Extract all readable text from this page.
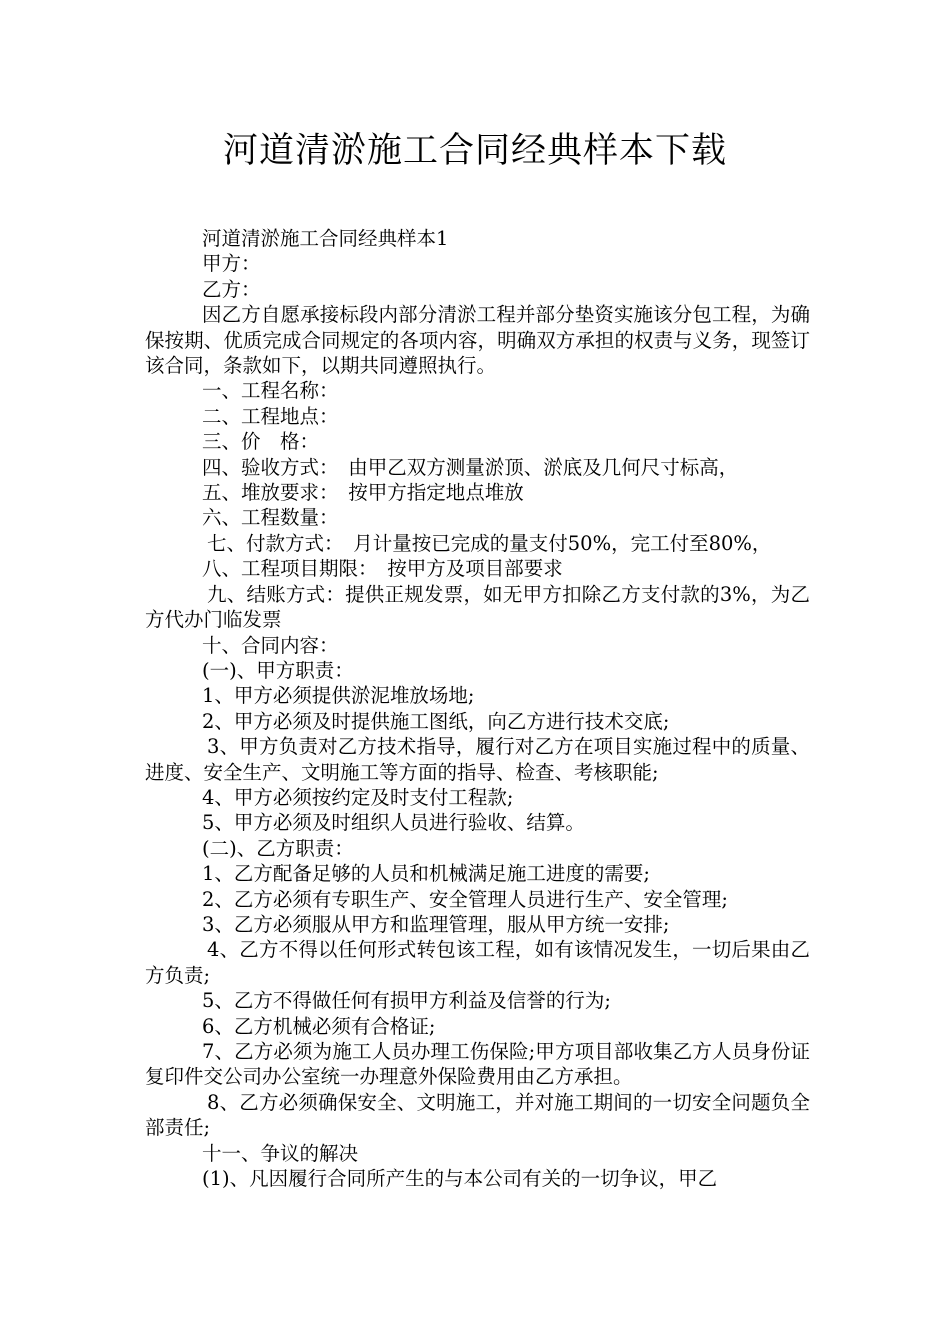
河道清淤施工合同经典样本下载

河道清淤施工合同经典样本1

甲方：

乙方：

因乙方自愿承接标段内部分清淤工程并部分垫资实施该分包工程，为确保按期、优质完成合同规定的各项内容，明确双方承担的权责与义务，现签订该合同，条款如下，以期共同遵照执行。

一、工程名称：

二、工程地点：

三、价　格：

四、验收方式：　由甲乙双方测量淤顶、淤底及几何尺寸标高，

五、堆放要求：　按甲方指定地点堆放

六、工程数量：

七、付款方式：　月计量按已完成的量支付50%，完工付至80%，

八、工程项目期限：　按甲方及项目部要求

九、结账方式：提供正规发票，如无甲方扣除乙方支付款的3%，为乙方代办门临发票

十、合同内容：

(一)、甲方职责：

1、甲方必须提供淤泥堆放场地;

2、甲方必须及时提供施工图纸，向乙方进行技术交底;

3、甲方负责对乙方技术指导，履行对乙方在项目实施过程中的质量、进度、安全生产、文明施工等方面的指导、检查、考核职能;

4、甲方必须按约定及时支付工程款;

5、甲方必须及时组织人员进行验收、结算。

(二)、乙方职责：

1、乙方配备足够的人员和机械满足施工进度的需要;

2、乙方必须有专职生产、安全管理人员进行生产、安全管理;

3、乙方必须服从甲方和监理管理，服从甲方统一安排;

4、乙方不得以任何形式转包该工程，如有该情况发生，一切后果由乙方负责;

5、乙方不得做任何有损甲方利益及信誉的行为;

6、乙方机械必须有合格证;

7、乙方必须为施工人员办理工伤保险;甲方项目部收集乙方人员身份证复印件交公司办公室统一办理意外保险费用由乙方承担。

8、乙方必须确保安全、文明施工，并对施工期间的一切安全问题负全部责任;

十一、争议的解决

(1)、凡因履行合同所产生的与本公司有关的一切争议，甲乙
